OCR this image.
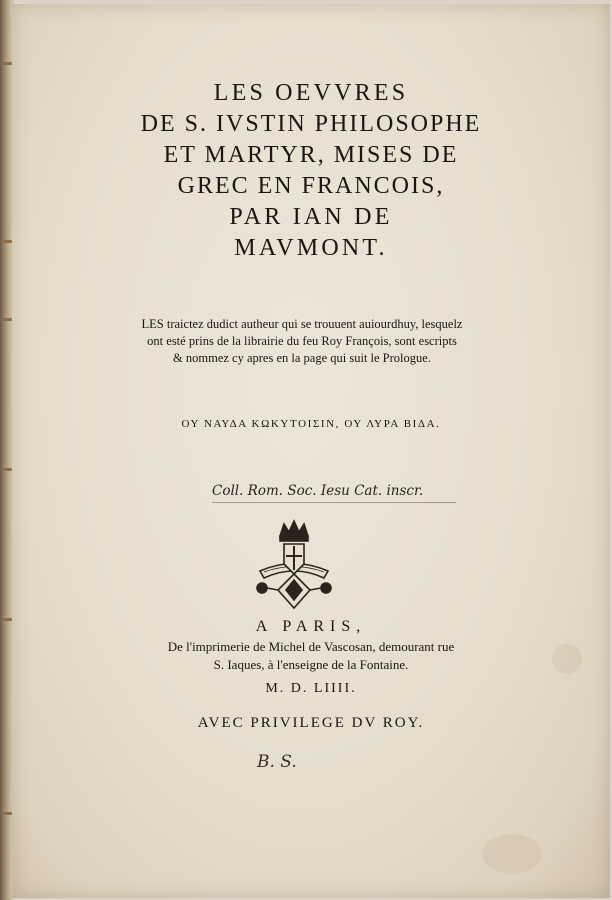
LES OEVVRES
DE S. IVSTIN PHILOSOPHE
ET MARTYR, MISES DE
GREC EN FRANCOIS,
PAR IAN DE
MAVMONT.
LES traictez dudict autheur qui se trouuent auiourdhuy, lesquelz
ont esté prins de la librairie du feu Roy François, sont escripts
& nommez cy apres en la page qui suit le Prologue.
ΟΥ ΝΑΥΔΑ ΚΩΚΥΤΟΙΣΙΝ, ΟΥ ΛΥΡΑ ΒΙΔΑ.
Coll. Rom. Soc. Iesu Cat. inscr.
A PARIS,
De l'imprimerie de Michel de Vascosan, demourant rue
S. Iaques, à l'enseigne de la Fontaine.
M. D. LIIII.
AVEC PRIVILEGE DV ROY.
B. S.
